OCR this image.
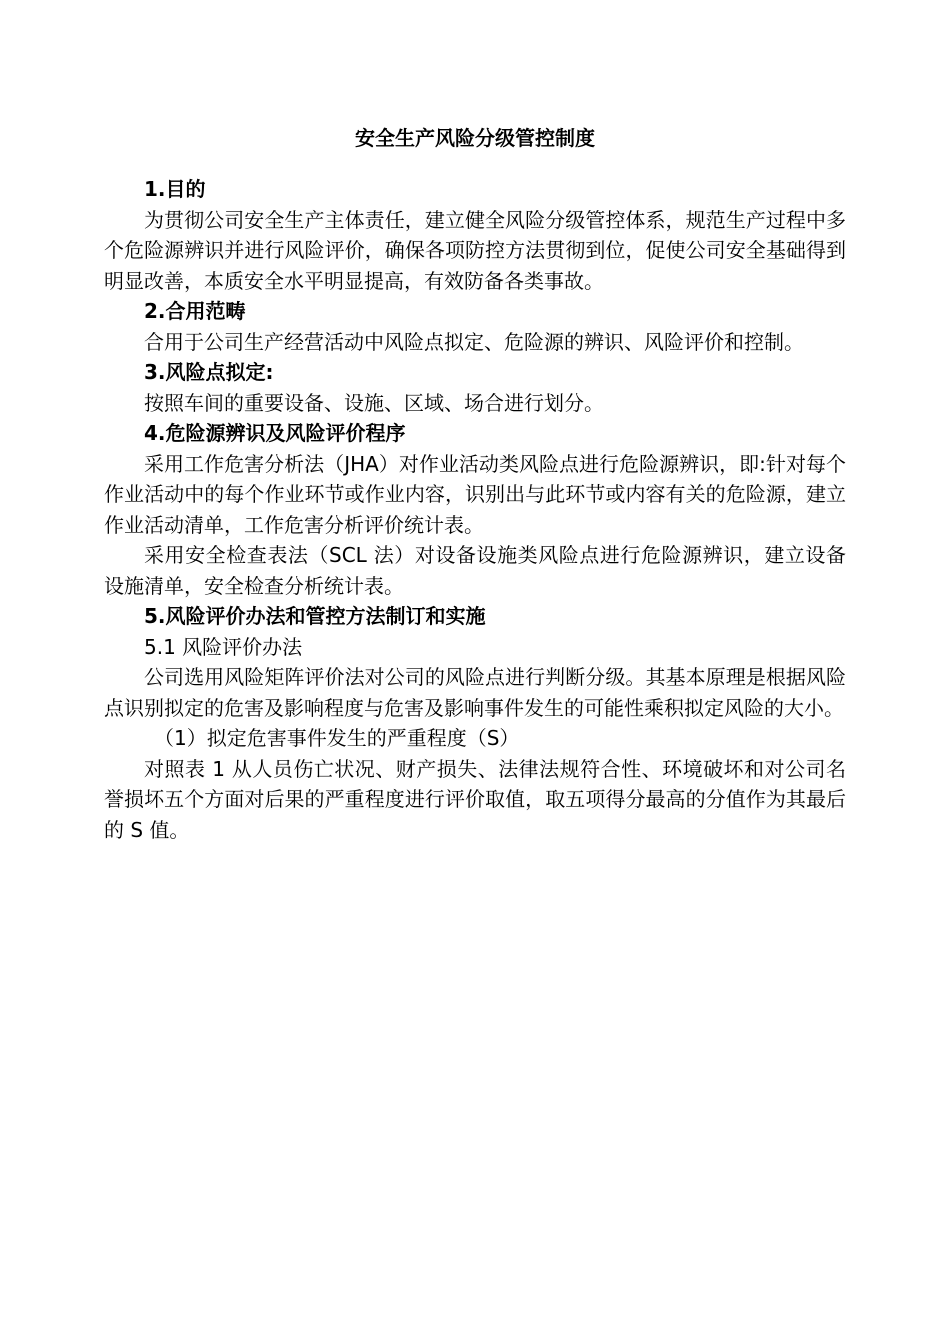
安全生产风险分级管控制度

1.目的

为贯彻公司安全生产主体责任，建立健全风险分级管控体系，规范生产过程中多个危险源辨识并进行风险评价，确保各项防控方法贯彻到位，促使公司安全基础得到明显改善，本质安全水平明显提高，有效防备各类事故。

2.合用范畴

合用于公司生产经营活动中风险点拟定、危险源的辨识、风险评价和控制。

3.风险点拟定:

按照车间的重要设备、设施、区域、场合进行划分。

4.危险源辨识及风险评价程序

采用工作危害分析法（JHA）对作业活动类风险点进行危险源辨识，即:针对每个作业活动中的每个作业环节或作业内容，识别出与此环节或内容有关的危险源，建立作业活动清单，工作危害分析评价统计表。

采用安全检查表法（SCL 法）对设备设施类风险点进行危险源辨识，建立设备设施清单，安全检查分析统计表。

5.风险评价办法和管控方法制订和实施

5.1 风险评价办法

公司选用风险矩阵评价法对公司的风险点进行判断分级。其基本原理是根据风险点识别拟定的危害及影响程度与危害及影响事件发生的可能性乘积拟定风险的大小。

（1）拟定危害事件发生的严重程度（S）

对照表 1 从人员伤亡状况、财产损失、法律法规符合性、环境破坏和对公司名誉损坏五个方面对后果的严重程度进行评价取值，取五项得分最高的分值作为其最后的 S 值。
